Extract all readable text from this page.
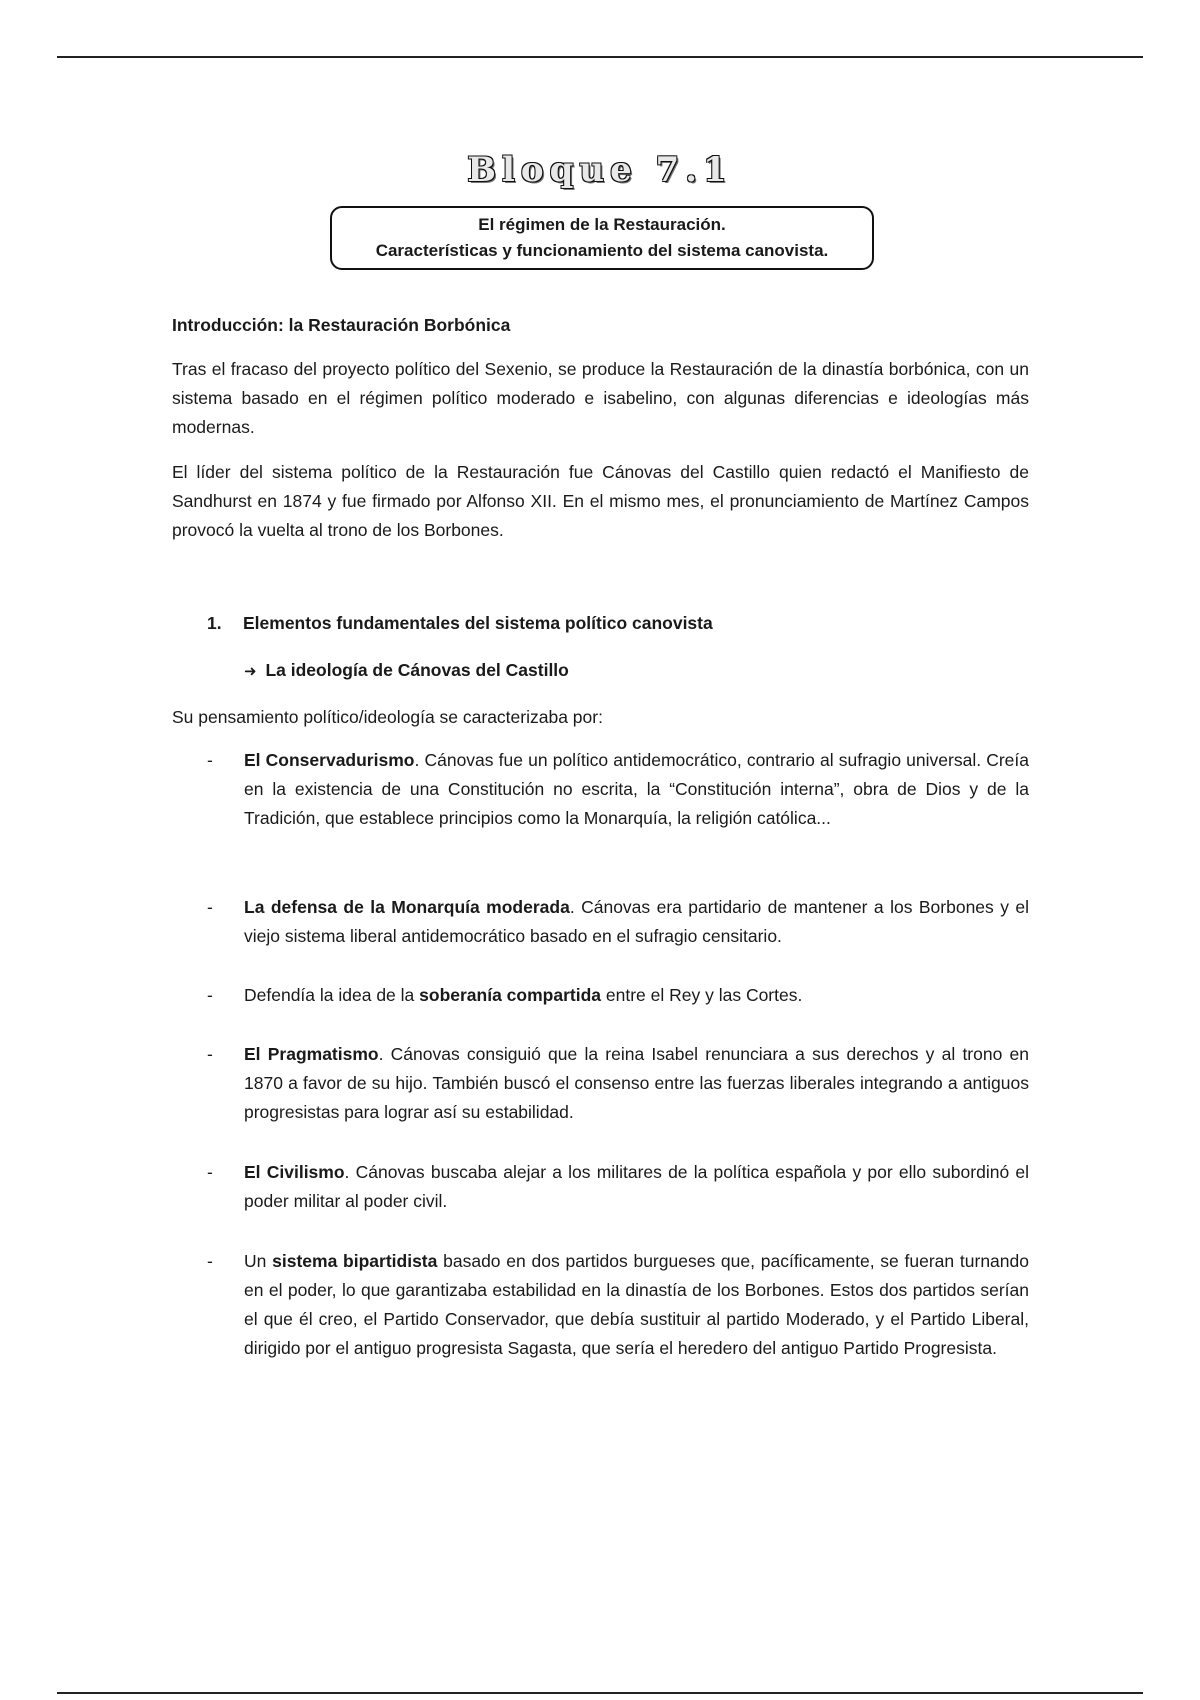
Bloque 7.1
El régimen de la Restauración.
Características y funcionamiento del sistema canovista.
Introducción: la Restauración Borbónica

Tras el fracaso del proyecto político del Sexenio, se produce la Restauración de la dinastía borbónica, con un sistema basado en el régimen político moderado e isabelino, con algunas diferencias e ideologías más modernas.

El líder del sistema político de la Restauración fue Cánovas del Castillo quien redactó el Manifiesto de Sandhurst en 1874 y fue firmado por Alfonso XII. En el mismo mes, el pronunciamiento de Martínez Campos provocó la vuelta al trono de los Borbones.

1.	Elementos fundamentales del sistema político canovista
➜ La ideología de Cánovas del Castillo

Su pensamiento político/ideología se caracterizaba por:

-	El Conservadurismo. Cánovas fue un político antidemocrático, contrario al sufragio universal. Creía en la existencia de una Constitución no escrita, la “Constitución interna”, obra de Dios y de la Tradición, que establece principios como la Monarquía, la religión católica...
-	La defensa de la Monarquía moderada. Cánovas era partidario de mantener a los Borbones y el viejo sistema liberal antidemocrático basado en el sufragio censitario.
-	Defendía la idea de la soberanía compartida entre el Rey y las Cortes.
-	El Pragmatismo. Cánovas consiguió que la reina Isabel renunciara a sus derechos y al trono en 1870 a favor de su hijo. También buscó el consenso entre las fuerzas liberales integrando a antiguos progresistas para lograr así su estabilidad.
-	El Civilismo. Cánovas buscaba alejar a los militares de la política española y por ello subordinó el poder militar al poder civil.
-	Un sistema bipartidista basado en dos partidos burgueses que, pacíficamente, se fueran turnando en el poder, lo que garantizaba estabilidad en la dinastía de los Borbones. Estos dos partidos serían el que él creo, el Partido Conservador, que debía sustituir al partido Moderado, y el Partido Liberal, dirigido por el antiguo progresista Sagasta, que sería el heredero del antiguo Partido Progresista.
